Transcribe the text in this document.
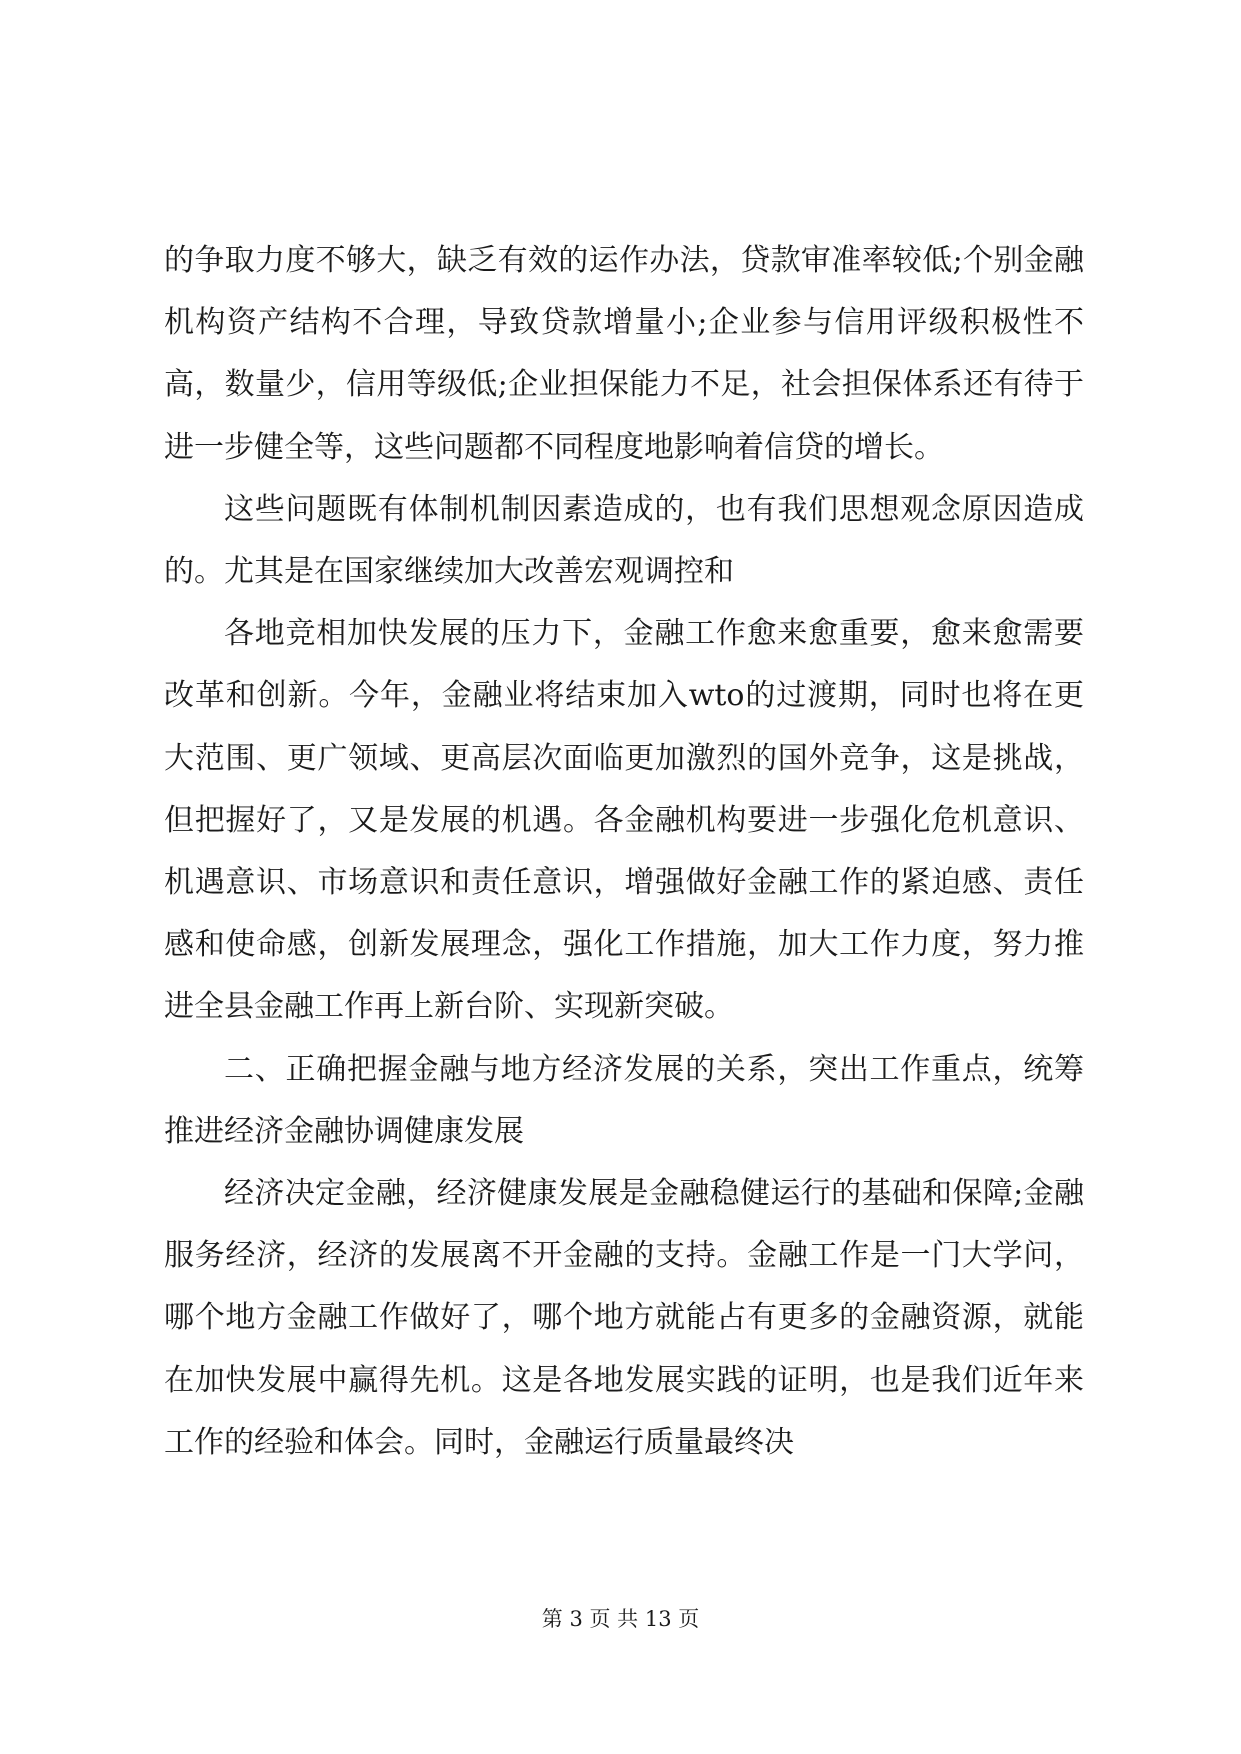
的争取力度不够大，缺乏有效的运作办法，贷款审准率较低;个别金融机构资产结构不合理，导致贷款增量小;企业参与信用评级积极性不高，数量少，信用等级低;企业担保能力不足，社会担保体系还有待于进一步健全等，这些问题都不同程度地影响着信贷的增长。

这些问题既有体制机制因素造成的，也有我们思想观念原因造成的。尤其是在国家继续加大改善宏观调控和

各地竞相加快发展的压力下，金融工作愈来愈重要，愈来愈需要改革和创新。今年，金融业将结束加入wto的过渡期，同时也将在更大范围、更广领域、更高层次面临更加激烈的国外竞争，这是挑战，但把握好了，又是发展的机遇。各金融机构要进一步强化危机意识、机遇意识、市场意识和责任意识，增强做好金融工作的紧迫感、责任感和使命感，创新发展理念，强化工作措施，加大工作力度，努力推进全县金融工作再上新台阶、实现新突破。

二、正确把握金融与地方经济发展的关系，突出工作重点，统筹推进经济金融协调健康发展

经济决定金融，经济健康发展是金融稳健运行的基础和保障;金融服务经济，经济的发展离不开金融的支持。金融工作是一门大学问，哪个地方金融工作做好了，哪个地方就能占有更多的金融资源，就能在加快发展中赢得先机。这是各地发展实践的证明，也是我们近年来工作的经验和体会。同时，金融运行质量最终决

第 3 页 共 13 页
